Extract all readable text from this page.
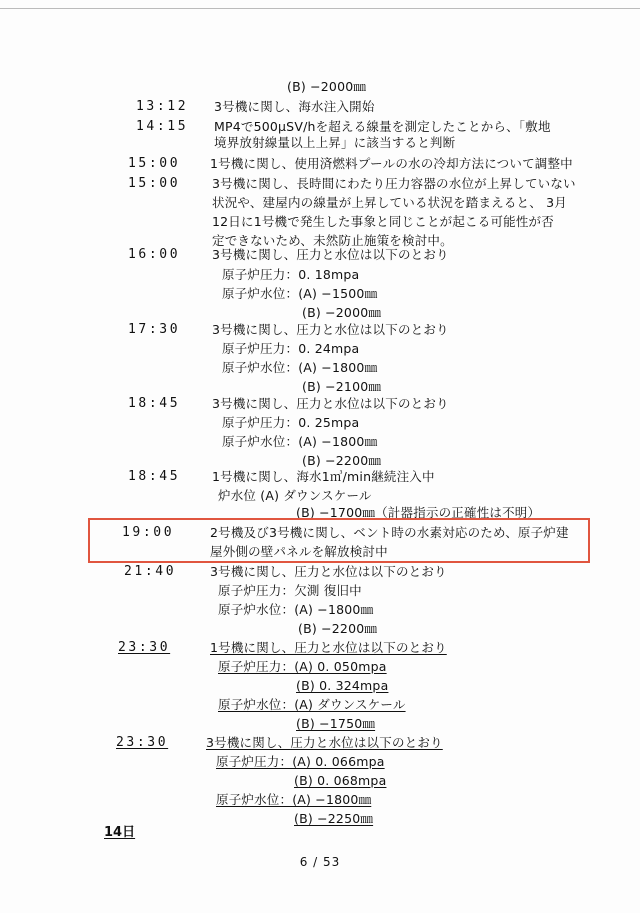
(B) −2000㎜
13:12 3号機に関し、海水注入開始
14:15 MP4で500μSV/hを超える線量を測定したことから、「敷地
境界放射線量以上上昇」に該当すると判断
15:00 1号機に関し、使用済燃料プールの水の冷却方法について調整中
15:00	3号機に関し、長時間にわたり圧力容器の水位が上昇していない
状況や、建屋内の線量が上昇している状況を踏まえると、 3月
12日に1号機で発生した事象と同じことが起こる可能性が否
定できないため、未然防止施策を検討中。
16:00	3号機に関し、圧力と水位は以下のとおり
原子炉圧力：0. 18mpa
原子炉水位：(A) −1500㎜
(B) −2000㎜
17:30	3号機に関し、圧力と水位は以下のとおり
原子炉圧力：0. 24mpa
原子炉水位：(A) −1800㎜
(B) −2100㎜
18:45	3号機に関し、圧力と水位は以下のとおり
原子炉圧力：0. 25mpa
原子炉水位：(A) −1800㎜
(B) −2200㎜
18:45	1号機に関し、海水1㎥/min継続注入中
炉水位 (A) ダウンスケール
(B) −1700㎜（計器指示の正確性は不明）
19:00	2号機及び3号機に関し、ベント時の水素対応のため、原子炉建
屋外側の壁パネルを解放検討中
21:40	3号機に関し、圧力と水位は以下のとおり
原子炉圧力：欠測 復旧中
原子炉水位：(A) −1800㎜
(B) −2200㎜
23:30	1号機に関し、圧力と水位は以下のとおり
原子炉圧力：(A) 0. 050mpa
(B) 0. 324mpa
原子炉水位：(A) ダウンスケール
(B) −1750㎜
23:30	3号機に関し、圧力と水位は以下のとおり
原子炉圧力：(A) 0. 066mpa
(B) 0. 068mpa
原子炉水位：(A) −1800㎜
(B) −2250㎜
14日
6 / 53
